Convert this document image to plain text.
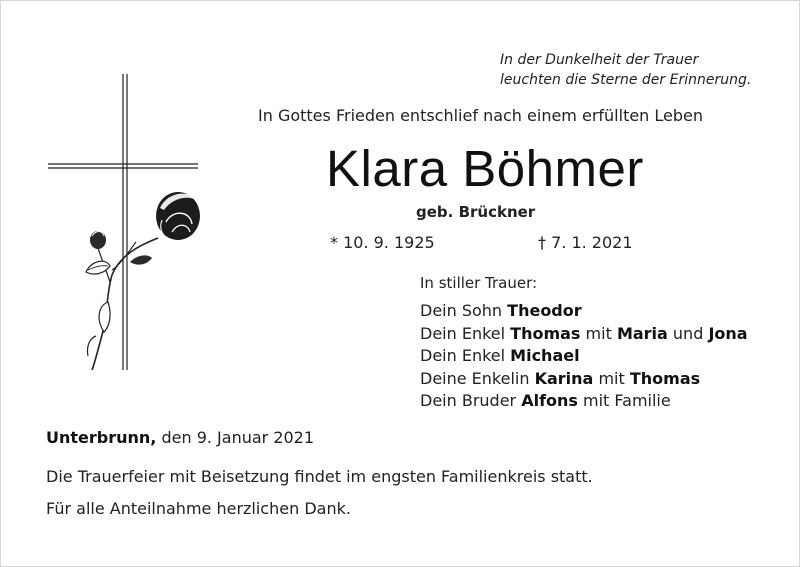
In der Dunkelheit der Trauer
leuchten die Sterne der Erinnerung.
In Gottes Frieden entschlief nach einem erfüllten Leben
Klara Böhmer
geb. Brückner
* 10. 9. 1925	† 7. 1. 2021
In stiller Trauer:
Dein Sohn Theodor
Dein Enkel Thomas mit Maria und Jona
Dein Enkel Michael
Deine Enkelin Karina mit Thomas
Dein Bruder Alfons mit Familie
Unterbrunn, den 9. Januar 2021
Die Trauerfeier mit Beisetzung findet im engsten Familienkreis statt.
Für alle Anteilnahme herzlichen Dank.
